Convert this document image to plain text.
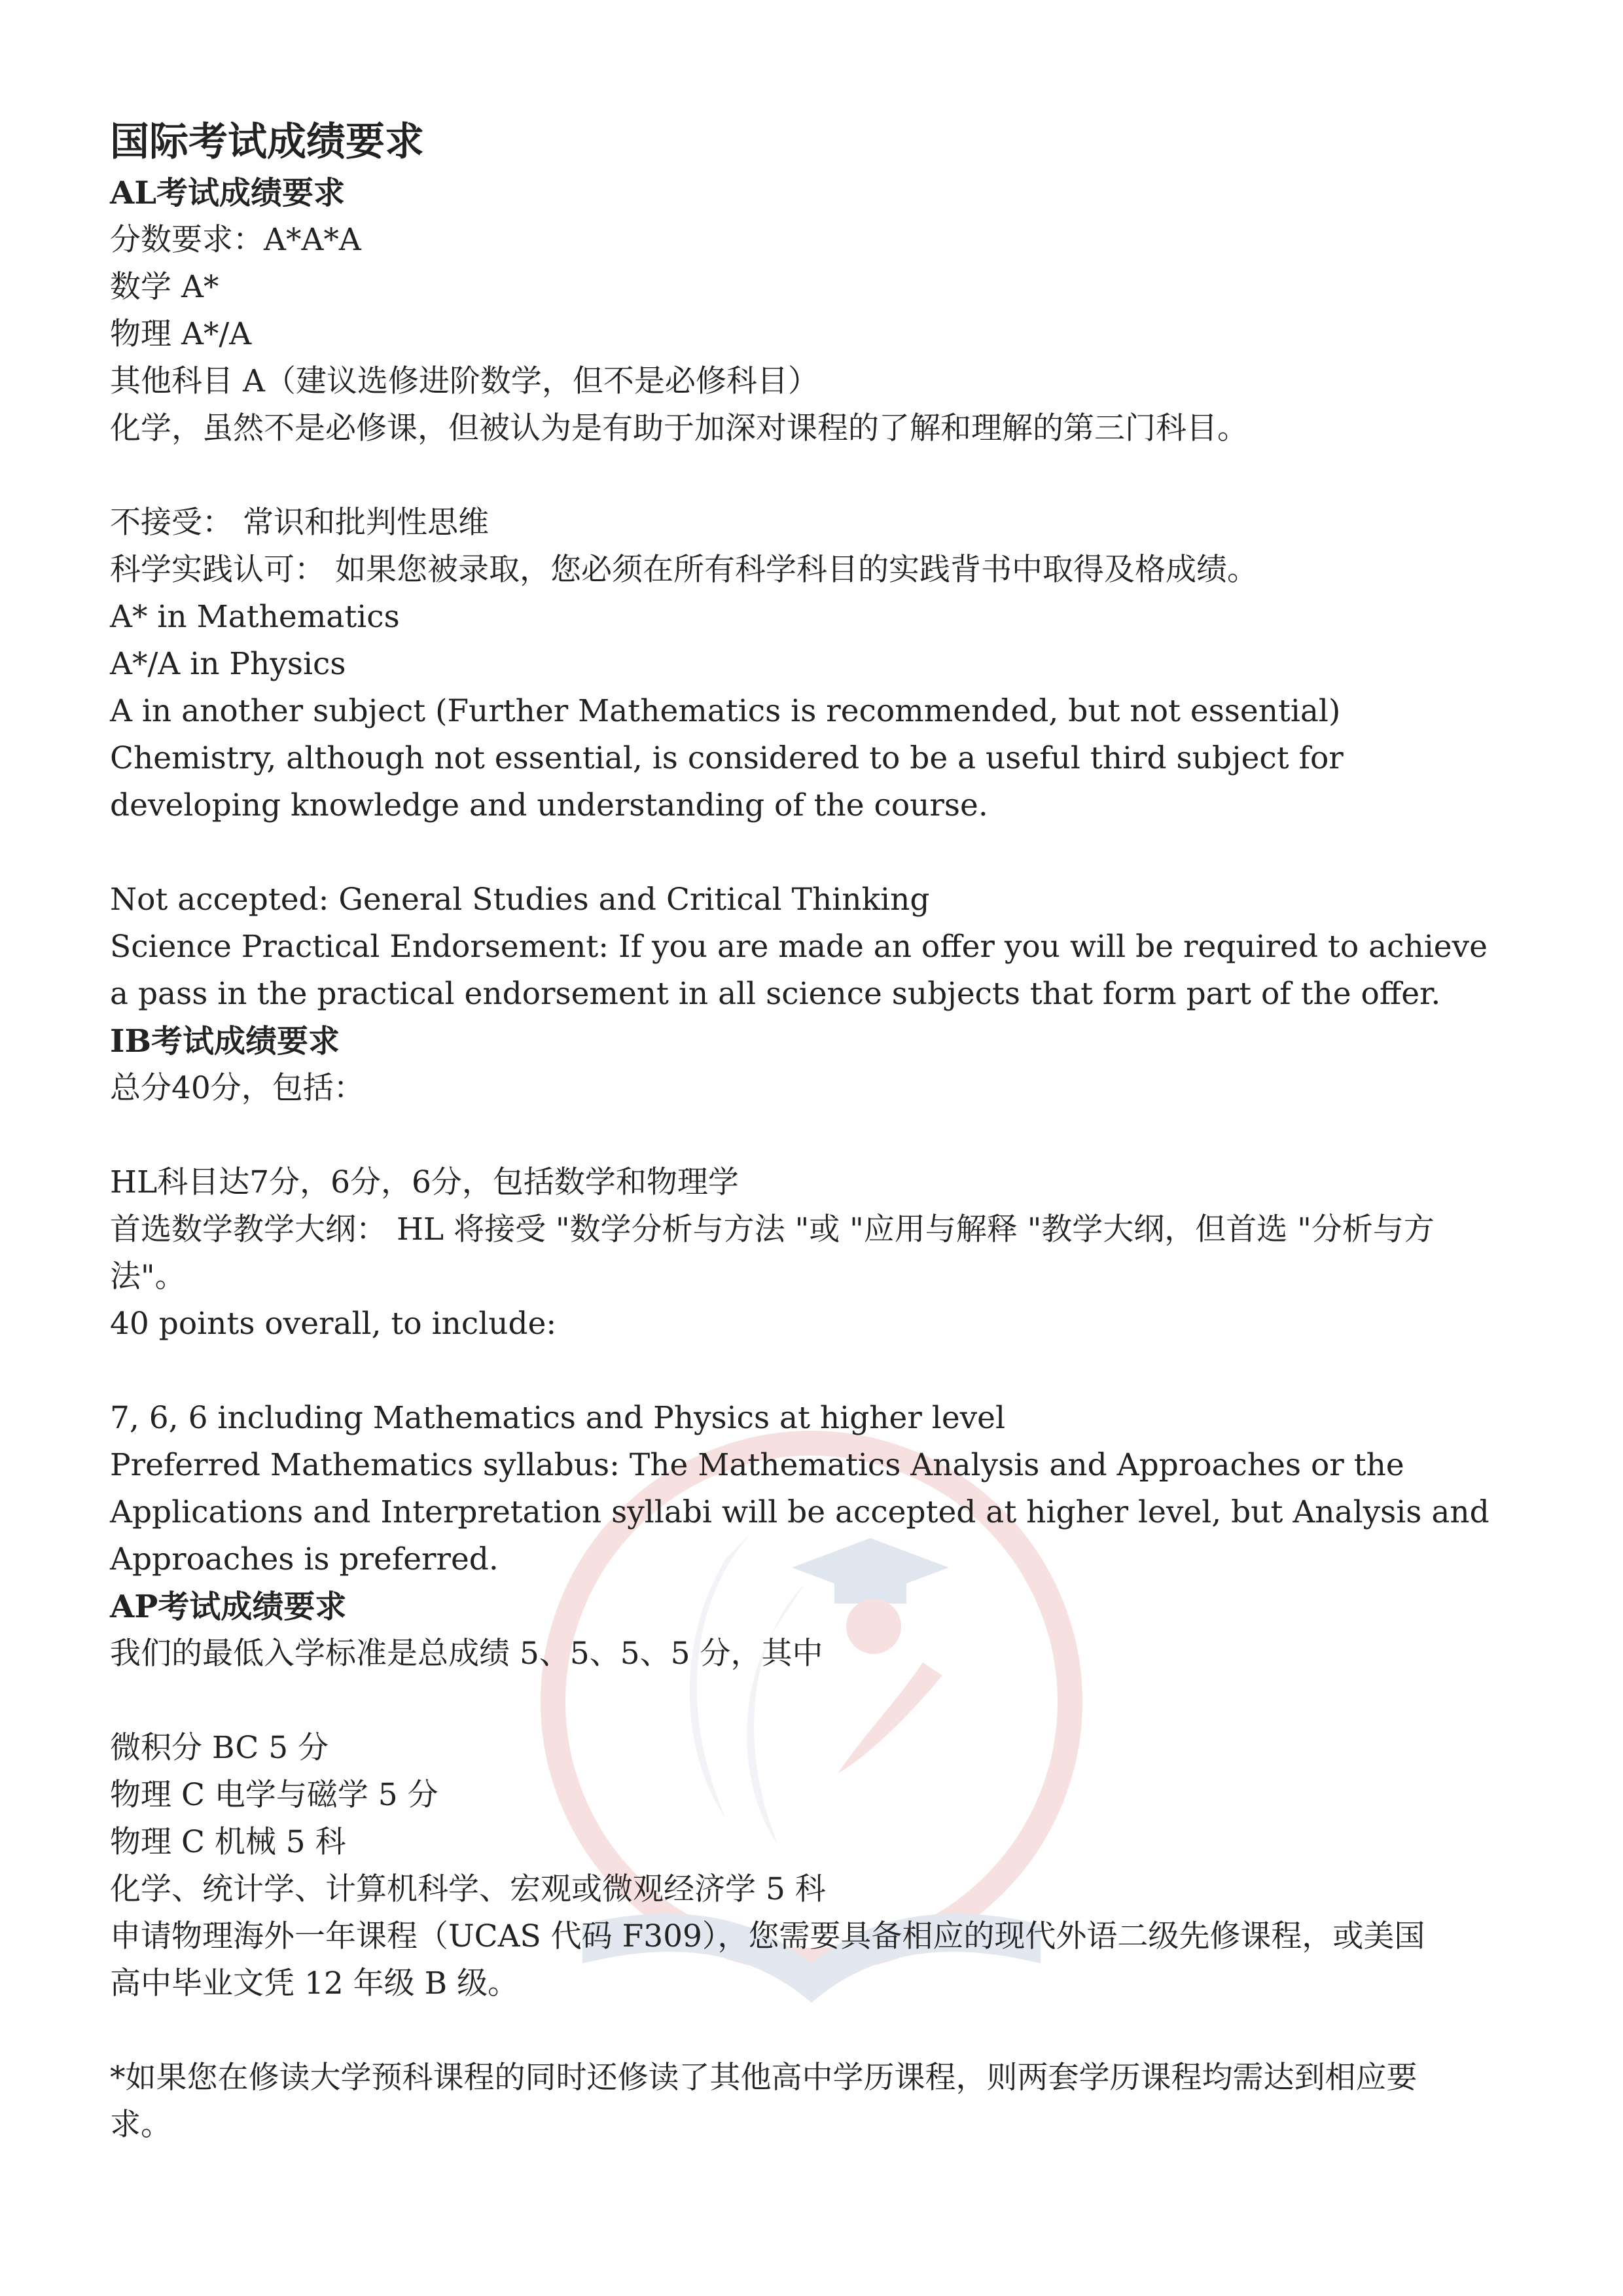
国际考试成绩要求
AL考试成绩要求
分数要求：A*A*A
数学 A*
物理 A*/A
其他科目 A（建议选修进阶数学，但不是必修科目）
化学，虽然不是必修课，但被认为是有助于加深对课程的了解和理解的第三门科目。
不接受： 常识和批判性思维
科学实践认可： 如果您被录取，您必须在所有科学科目的实践背书中取得及格成绩。
A* in Mathematics
A*/A in Physics
A in another subject (Further Mathematics is recommended, but not essential)
Chemistry, although not essential, is considered to be a useful third subject for
developing knowledge and understanding of the course.
Not accepted: General Studies and Critical Thinking
Science Practical Endorsement: If you are made an offer you will be required to achieve
a pass in the practical endorsement in all science subjects that form part of the offer.
IB考试成绩要求
总分40分，包括：
HL科目达7分，6分，6分，包括数学和物理学
首选数学教学大纲： HL 将接受 "数学分析与方法 "或 "应用与解释 "教学大纲，但首选 "分析与方
法"。
40 points overall, to include:
7, 6, 6 including Mathematics and Physics at higher level
Preferred Mathematics syllabus: The Mathematics Analysis and Approaches or the
Applications and Interpretation syllabi will be accepted at higher level, but Analysis and
Approaches is preferred.
AP考试成绩要求
我们的最低入学标准是总成绩 5、5、5、5 分，其中
微积分 BC 5 分
物理 C 电学与磁学 5 分
物理 C 机械 5 科
化学、统计学、计算机科学、宏观或微观经济学 5 科
申请物理海外一年课程（UCAS 代码 F309），您需要具备相应的现代外语二级先修课程，或美国
高中毕业文凭 12 年级 B 级。
*如果您在修读大学预科课程的同时还修读了其他高中学历课程，则两套学历课程均需达到相应要
求。
